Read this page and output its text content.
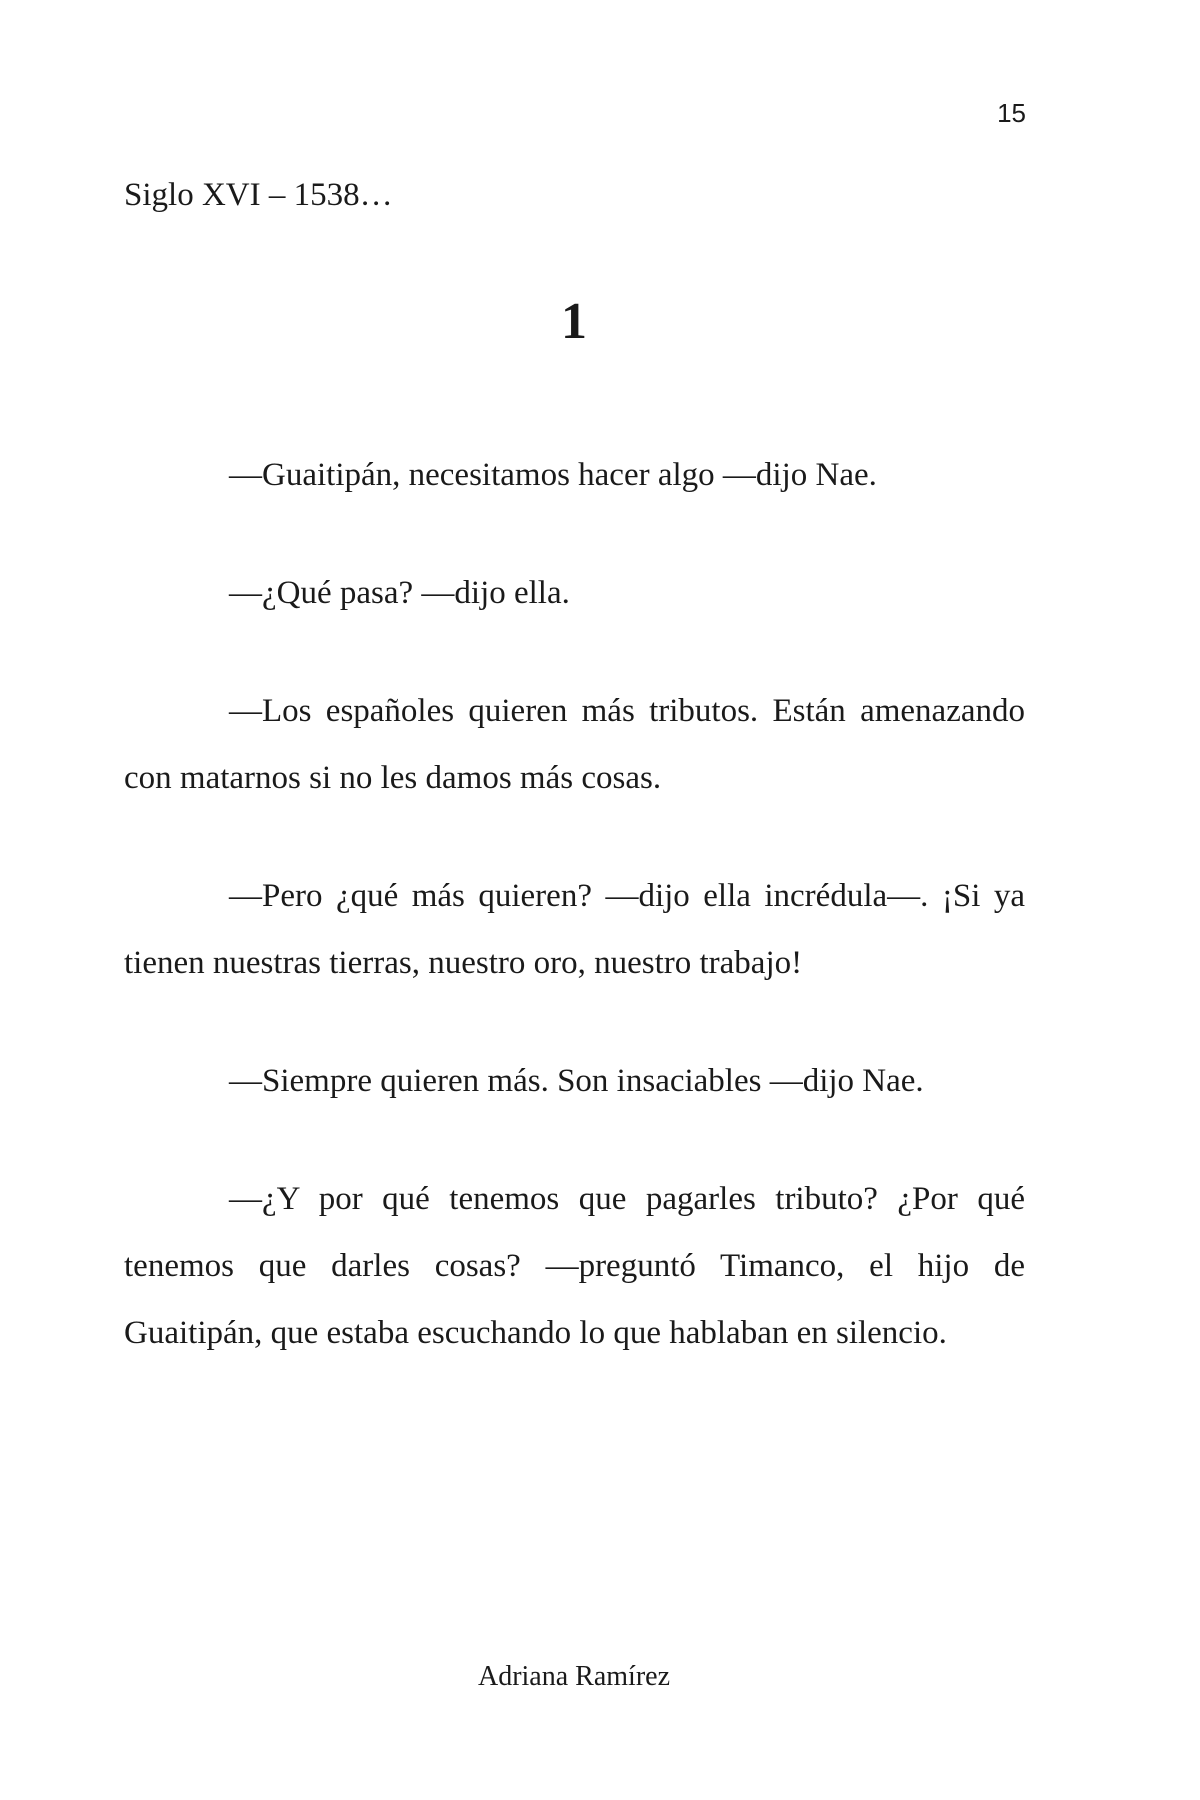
15
Siglo XVI – 1538…
1

—Guaitipán, necesitamos hacer algo —dijo Nae.

—¿Qué pasa? —dijo ella.

—Los españoles quieren más tributos. Están amenazando con matarnos si no les damos más cosas.

—Pero ¿qué más quieren? —dijo ella incrédula—. ¡Si ya tienen nuestras tierras, nuestro oro, nuestro trabajo!

—Siempre quieren más. Son insaciables —dijo Nae.

—¿Y por qué tenemos que pagarles tributo? ¿Por qué tenemos que darles cosas? —preguntó Timanco, el hijo de Guaitipán, que estaba escuchando lo que hablaban en silencio.

Adriana Ramírez
